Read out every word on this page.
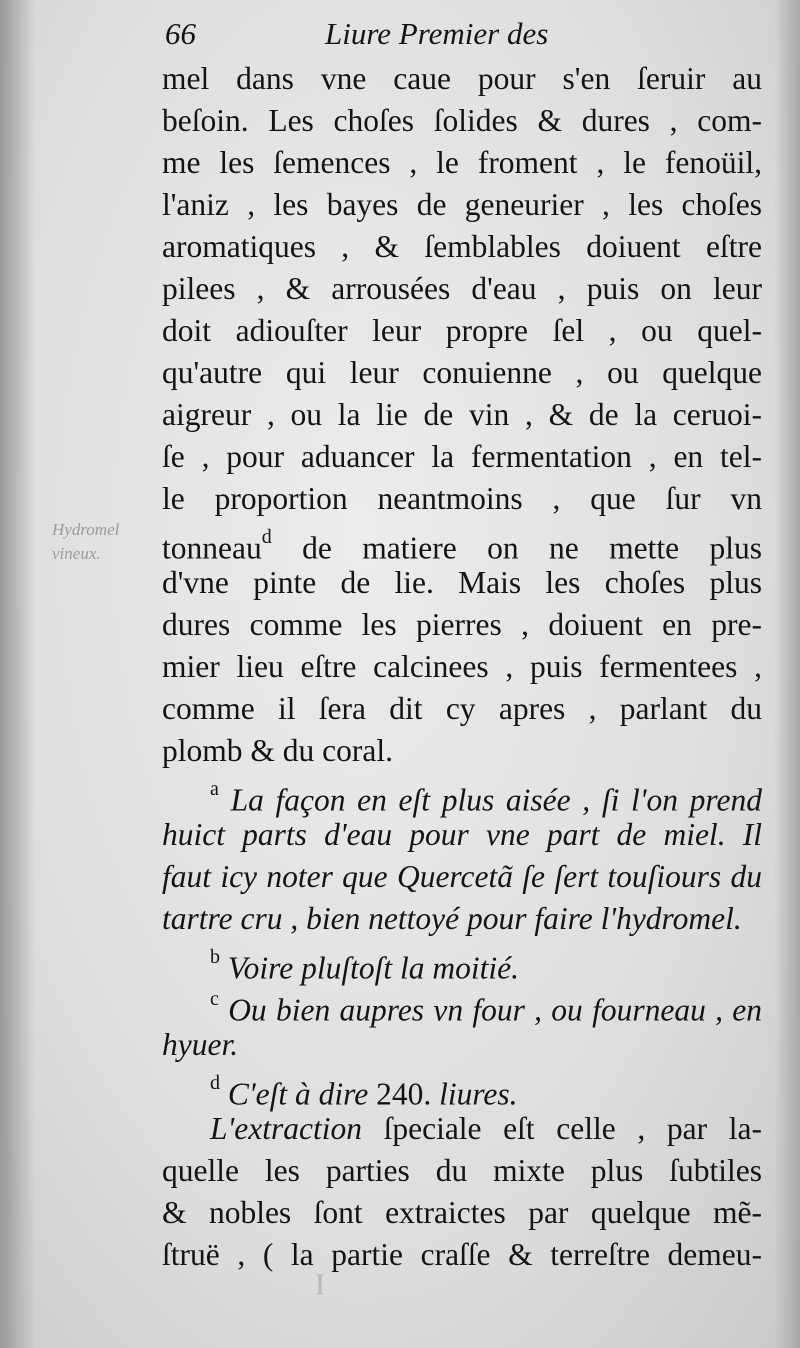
66	Liure Premier des
Hydromel
vineux.
mel dans vne caue pour s'en ſeruir au
beſoin. Les choſes ſolides & dures , com-
me les ſemences , le froment , le fenoüil,
l'aniz , les bayes de geneurier , les choſes
aromatiques , & ſemblables doiuent eſtre
pilees , & arrousées d'eau , puis on leur
doit adiouſter leur propre ſel , ou quel-
qu'autre qui leur conuienne , ou quelque
aigreur , ou la lie de vin , & de la ceruoi-
ſe , pour aduancer la fermentation , en tel-
le proportion neantmoins , que ſur vn
tonneau$^d$ de matiere on ne mette plus
d'vne pinte de lie. Mais les choſes plus
dures comme les pierres , doiuent en pre-
mier lieu eſtre calcinees , puis fermentees ,
comme il ſera dit cy apres , parlant du
plomb & du coral.
$^a$ La façon en eſt plus aisée , ſi l'on prend
huict parts d'eau pour vne part de miel. Il
faut icy noter que Quercetã ſe ſert touſiours du
tartre cru , bien nettoyé pour faire l'hydromel.
$^b$ Voire pluſtoſt la moitié.
$^c$ Ou bien aupres vn four , ou fourneau , en
hyuer.
$^d$ C'eſt à dire 240. liures.
L'extraction ſpeciale eſt celle , par la-
quelle les parties du mixte plus ſubtiles
& nobles ſont extraictes par quelque mẽ-
ſtruë , ( la partie craſſe & terreſtre demeu-
I
